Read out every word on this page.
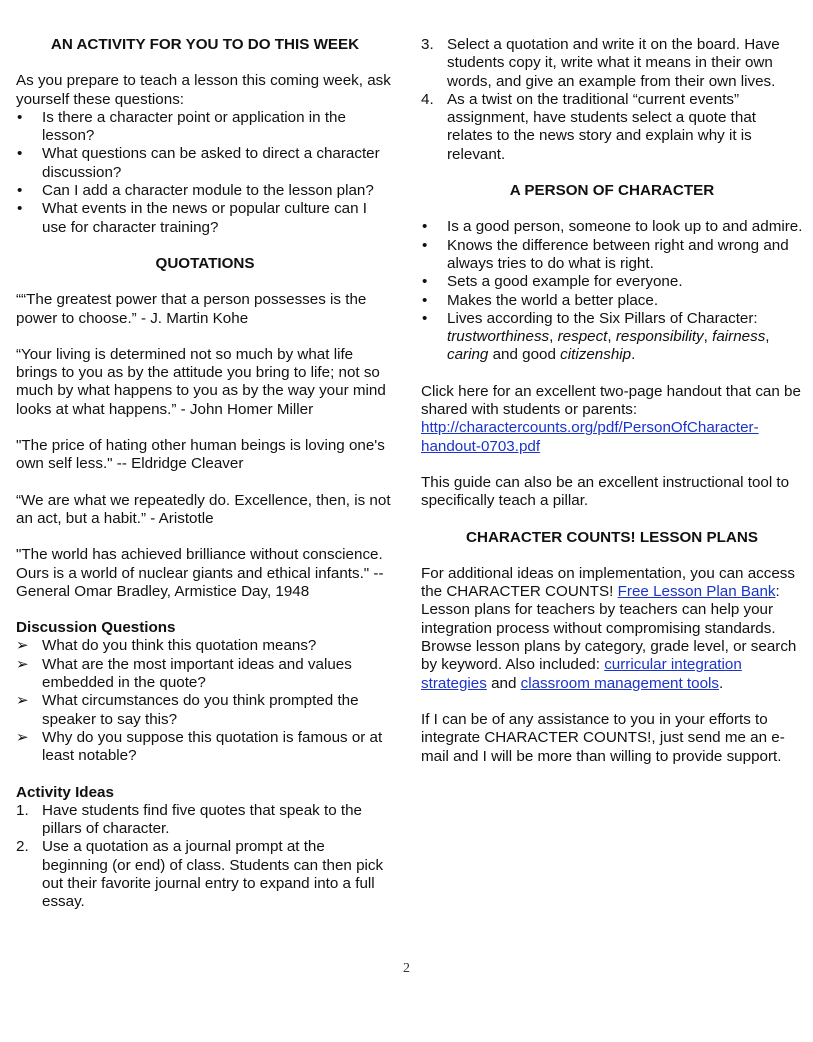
AN ACTIVITY FOR YOU TO DO THIS WEEK

As you prepare to teach a lesson this coming week, ask yourself these questions:

•	Is there a character point or application in the lesson?
•	What questions can be asked to direct a character discussion?
•	Can I add a character module to the lesson plan?
•	What events in the news or popular culture can I use for character training?
QUOTATIONS

““The greatest power that a person possesses is the power to choose.” - J. Martin Kohe

“Your living is determined not so much by what life brings to you as by the attitude you bring to life; not so much by what happens to you as by the way your mind looks at what happens.” - John Homer Miller

"The price of hating other human beings is loving one's own self less." -- Eldridge Cleaver

“We are what we repeatedly do. Excellence, then, is not an act, but a habit.” - Aristotle

"The world has achieved brilliance without conscience. Ours is a world of nuclear giants and ethical infants." -- General Omar Bradley, Armistice Day, 1948

Discussion Questions
➢ What do you think this quotation means?
➢ What are the most important ideas and values embedded in the quote?
➢ What circumstances do you think prompted the speaker to say this?
➢ Why do you suppose this quotation is famous or at least notable?
Activity Ideas
1. Have students find five quotes that speak to the pillars of character.
2. Use a quotation as a journal prompt at the beginning (or end) of class. Students can then pick out their favorite journal entry to expand into a full essay.
3. Select a quotation and write it on the board. Have students copy it, write what it means in their own words, and give an example from their own lives.
4. As a twist on the traditional “current events” assignment, have students select a quote that relates to the news story and explain why it is relevant.
A PERSON OF CHARACTER
•	Is a good person, someone to look up to and admire.
•	Knows the difference between right and wrong and always tries to do what is right.
•	Sets a good example for everyone.
•	Makes the world a better place.
•	Lives according to the Six Pillars of Character: trustworthiness, respect, responsibility, fairness, caring and good citizenship.

Click here for an excellent two-page handout that can be shared with students or parents: http://charactercounts.org/pdf/PersonOfCharacter-handout-0703.pdf

This guide can also be an excellent instructional tool to specifically teach a pillar.

CHARACTER COUNTS! LESSON PLANS

For additional ideas on implementation, you can access the CHARACTER COUNTS! Free Lesson Plan Bank: Lesson plans for teachers by teachers can help your integration process without compromising standards. Browse lesson plans by category, grade level, or search by keyword. Also included: curricular integration strategies and classroom management tools.

If I can be of any assistance to you in your efforts to integrate CHARACTER COUNTS!, just send me an e-mail and I will be more than willing to provide support.

2
